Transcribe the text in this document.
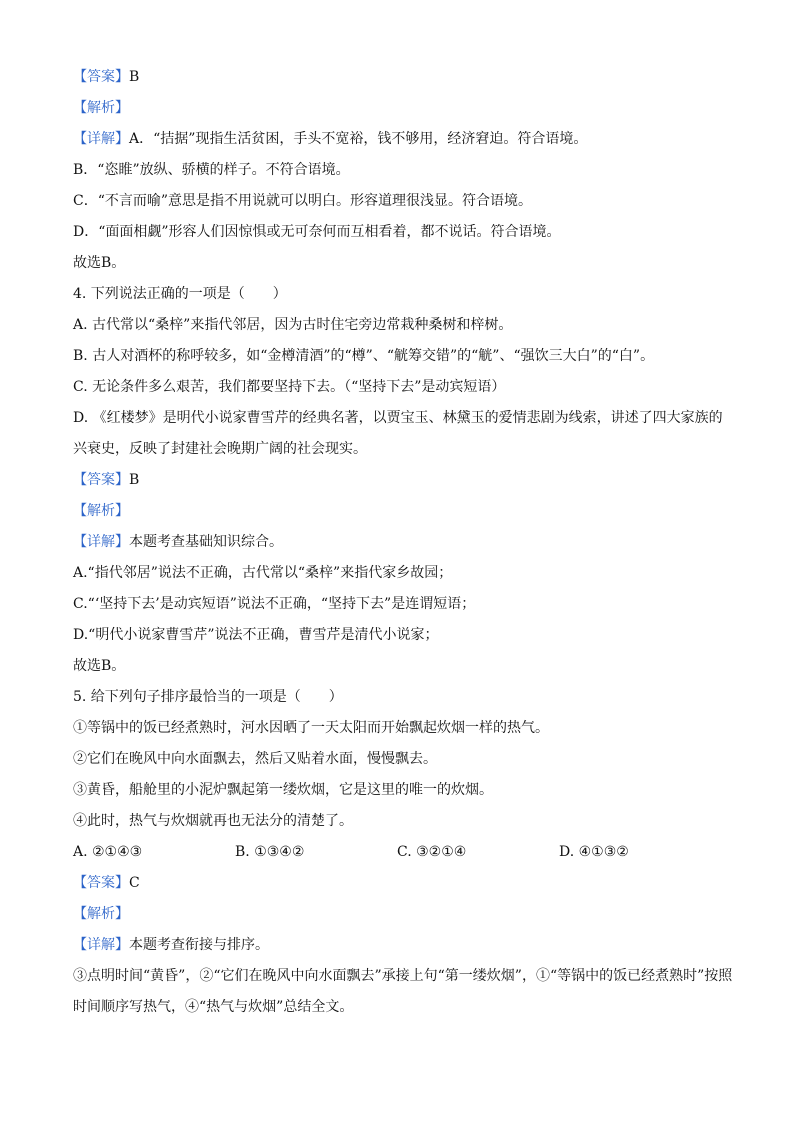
【答案】B
【解析】
【详解】A．“拮据”现指生活贫困，手头不宽裕，钱不够用，经济窘迫。符合语境。
B．“恣睢”放纵、骄横的样子。不符合语境。
C．“不言而喻”意思是指不用说就可以明白。形容道理很浅显。符合语境。
D．“面面相觑”形容人们因惊惧或无可奈何而互相看着，都不说话。符合语境。
故选B。
4. 下列说法正确的一项是（　　）
A. 古代常以“桑梓”来指代邻居，因为古时住宅旁边常栽种桑树和梓树。
B. 古人对酒杯的称呼较多，如“金樽清酒”的“樽”、“觥筹交错”的“觥”、“强饮三大白”的“白”。
C. 无论条件多么艰苦，我们都要坚持下去。（“坚持下去”是动宾短语）
D. 《红楼梦》是明代小说家曹雪芹的经典名著，以贾宝玉、林黛玉的爱情悲剧为线索，讲述了四大家族的兴衰史，反映了封建社会晚期广阔的社会现实。
【答案】B
【解析】
【详解】本题考查基础知识综合。
A.“指代邻居”说法不正确，古代常以“桑梓”来指代家乡故园；
C.“‘坚持下去’是动宾短语”说法不正确，“坚持下去”是连谓短语；
D.“明代小说家曹雪芹”说法不正确，曹雪芹是清代小说家；
故选B。
5. 给下列句子排序最恰当的一项是（　　）
①等锅中的饭已经煮熟时，河水因晒了一天太阳而开始飘起炊烟一样的热气。
②它们在晚风中向水面飘去，然后又贴着水面，慢慢飘去。
③黄昏，船舱里的小泥炉飘起第一缕炊烟，它是这里的唯一的炊烟。
④此时，热气与炊烟就再也无法分的清楚了。
A. ②①④③	B. ①③④②	C. ③②①④	D. ④①③②
【答案】C
【解析】
【详解】本题考查衔接与排序。
③点明时间“黄昏”，②“它们在晚风中向水面飘去”承接上句“第一缕炊烟”，①“等锅中的饭已经煮熟时”按照时间顺序写热气，④“热气与炊烟”总结全文。
